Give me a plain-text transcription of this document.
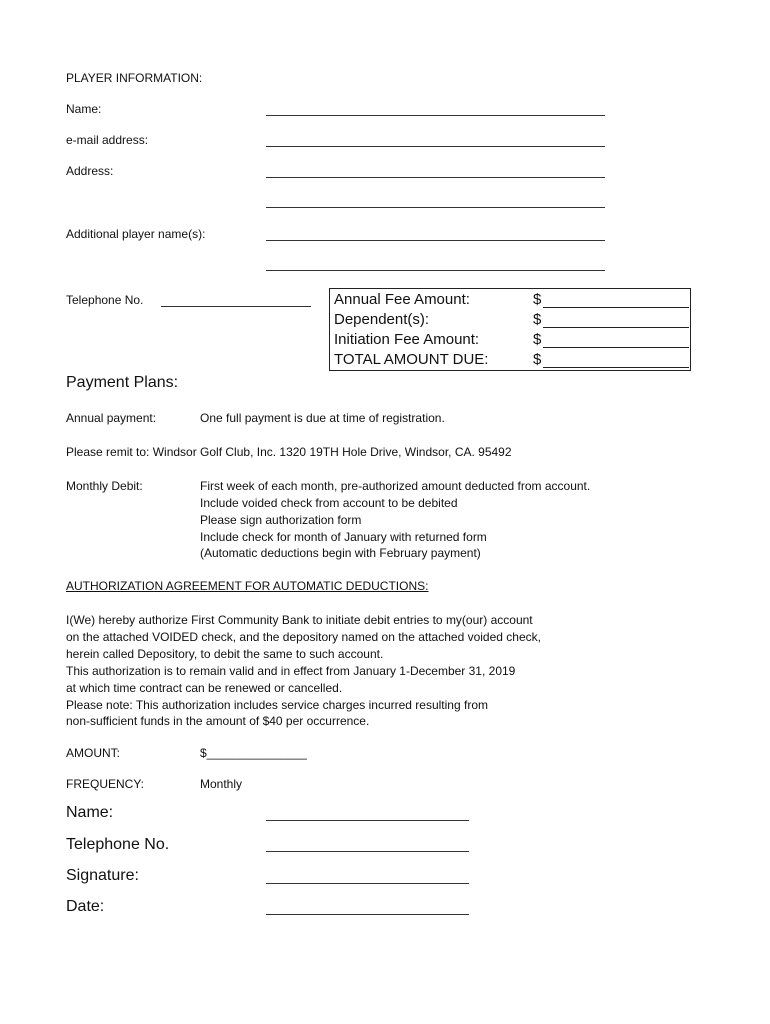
PLAYER INFORMATION:
Name:
e-mail address:
Address:
Additional player name(s):
Telephone No.	Annual Fee Amount:	$
Dependent(s):	$
Initiation Fee Amount:	$
TOTAL AMOUNT DUE:	$
Payment Plans:
Annual payment:	One full payment is due at time of registration.
Please remit to: Windsor Golf Club, Inc. 1320 19TH Hole Drive, Windsor, CA. 95492
Monthly Debit:	First week of each month, pre-authorized amount deducted from account.
Include voided check from account to be debited
Please sign authorization form
Include check for month of January with returned form
(Automatic deductions begin with February payment)
AUTHORIZATION AGREEMENT FOR AUTOMATIC DEDUCTIONS:
I(We) hereby authorize First Community Bank to initiate debit entries to my(our) account
on the attached VOIDED check, and the depository named on the attached voided check,
herein called Depository, to debit the same to such account.
This authorization is to remain valid and in effect from January 1-December 31, 2019
at which time contract can be renewed or cancelled.
Please note: This authorization includes service charges incurred resulting from
non-sufficient funds in the amount of $40 per occurrence.
AMOUNT:	$_______________
FREQUENCY:	Monthly
Name:
Telephone No.
Signature:
Date:
